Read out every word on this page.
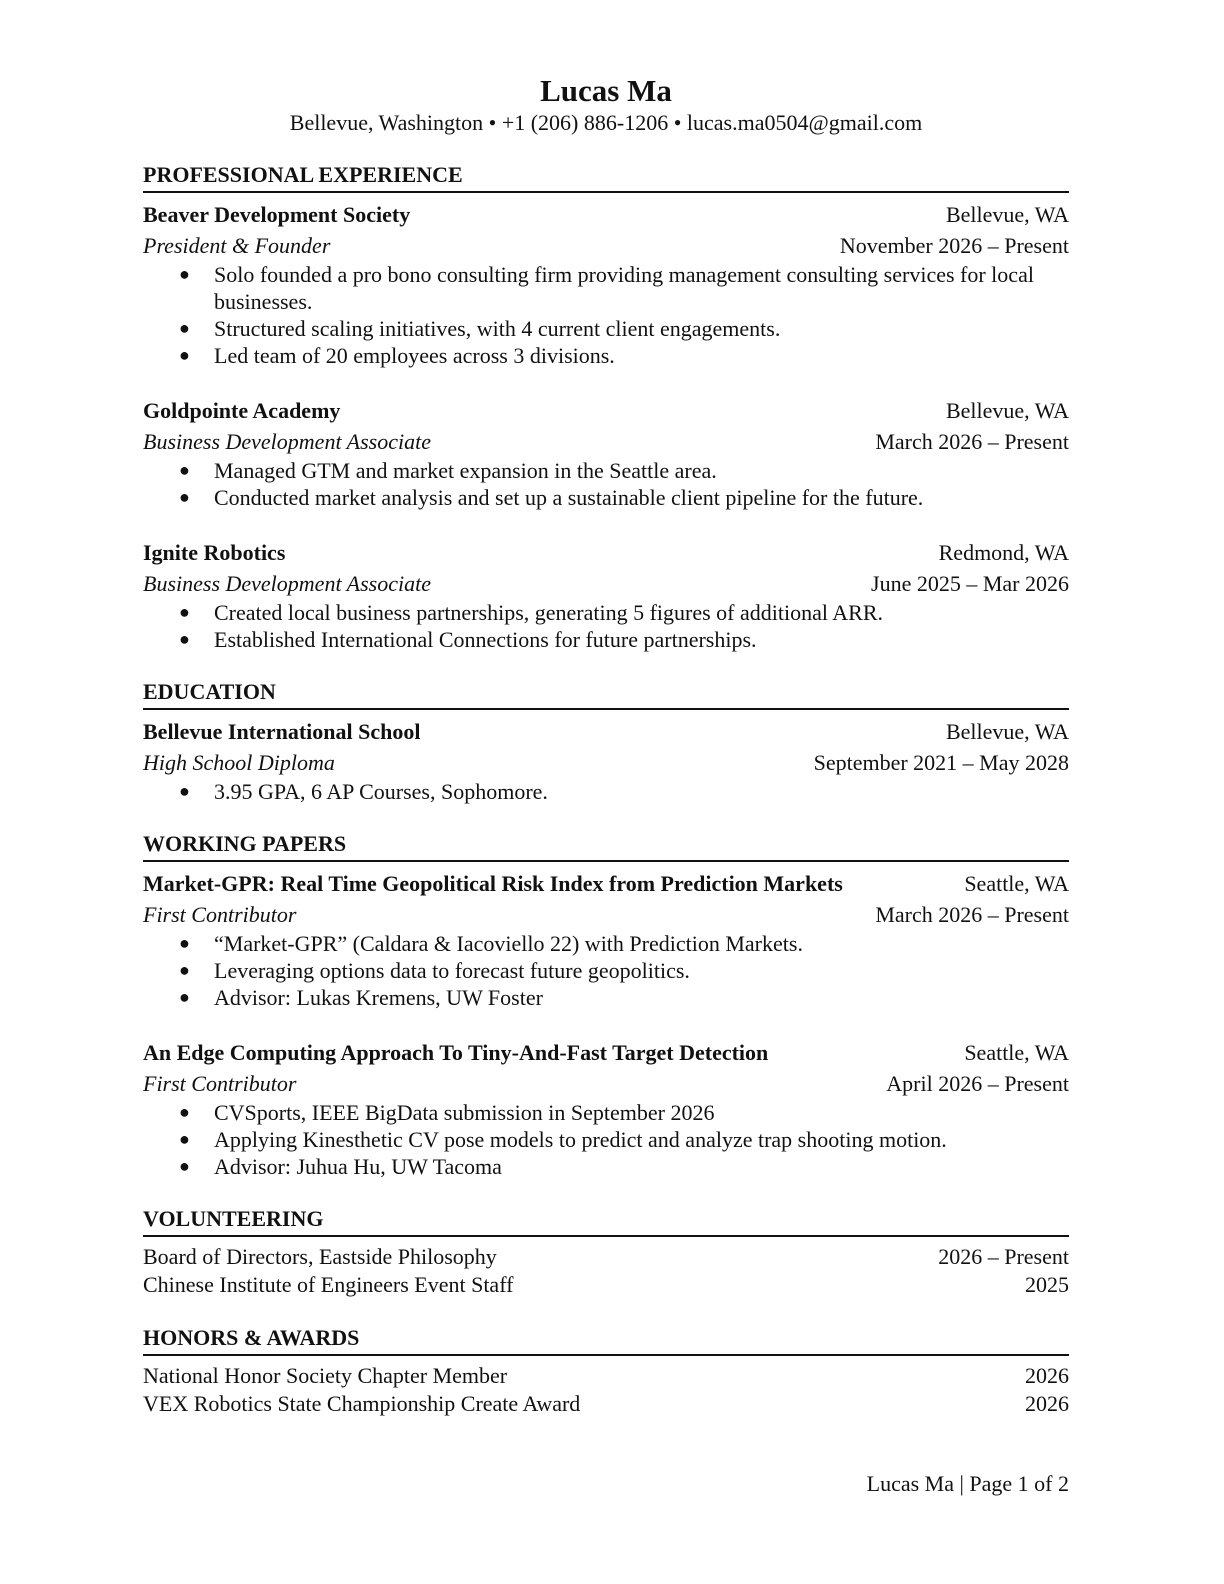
Lucas Ma
Bellevue, Washington • +1 (206) 886-1206 • lucas.ma0504@gmail.com
PROFESSIONAL EXPERIENCE
Beaver Development Society	Bellevue, WA
President & Founder	November 2026 – Present
● Solo founded a pro bono consulting firm providing management consulting services for local businesses.
● Structured scaling initiatives, with 4 current client engagements.
● Led team of 20 employees across 3 divisions.
Goldpointe Academy	Bellevue, WA
Business Development Associate	March 2026 – Present
● Managed GTM and market expansion in the Seattle area.
● Conducted market analysis and set up a sustainable client pipeline for the future.
Ignite Robotics	Redmond, WA
Business Development Associate	June 2025 – Mar 2026
● Created local business partnerships, generating 5 figures of additional ARR.
● Established International Connections for future partnerships.
EDUCATION
Bellevue International School	Bellevue, WA
High School Diploma	September 2021 – May 2028
● 3.95 GPA, 6 AP Courses, Sophomore.
WORKING PAPERS
Market-GPR: Real Time Geopolitical Risk Index from Prediction Markets	Seattle, WA
First Contributor	March 2026 – Present
● “Market-GPR” (Caldara & Iacoviello 22) with Prediction Markets.
● Leveraging options data to forecast future geopolitics.
● Advisor: Lukas Kremens, UW Foster
An Edge Computing Approach To Tiny-And-Fast Target Detection	Seattle, WA
First Contributor	April 2026 – Present
● CVSports, IEEE BigData submission in September 2026
● Applying Kinesthetic CV pose models to predict and analyze trap shooting motion.
● Advisor: Juhua Hu, UW Tacoma
VOLUNTEERING
Board of Directors, Eastside Philosophy	2026 – Present
Chinese Institute of Engineers Event Staff	2025
HONORS & AWARDS
National Honor Society Chapter Member	2026
VEX Robotics State Championship Create Award	2026
Lucas Ma | Page 1 of 2
